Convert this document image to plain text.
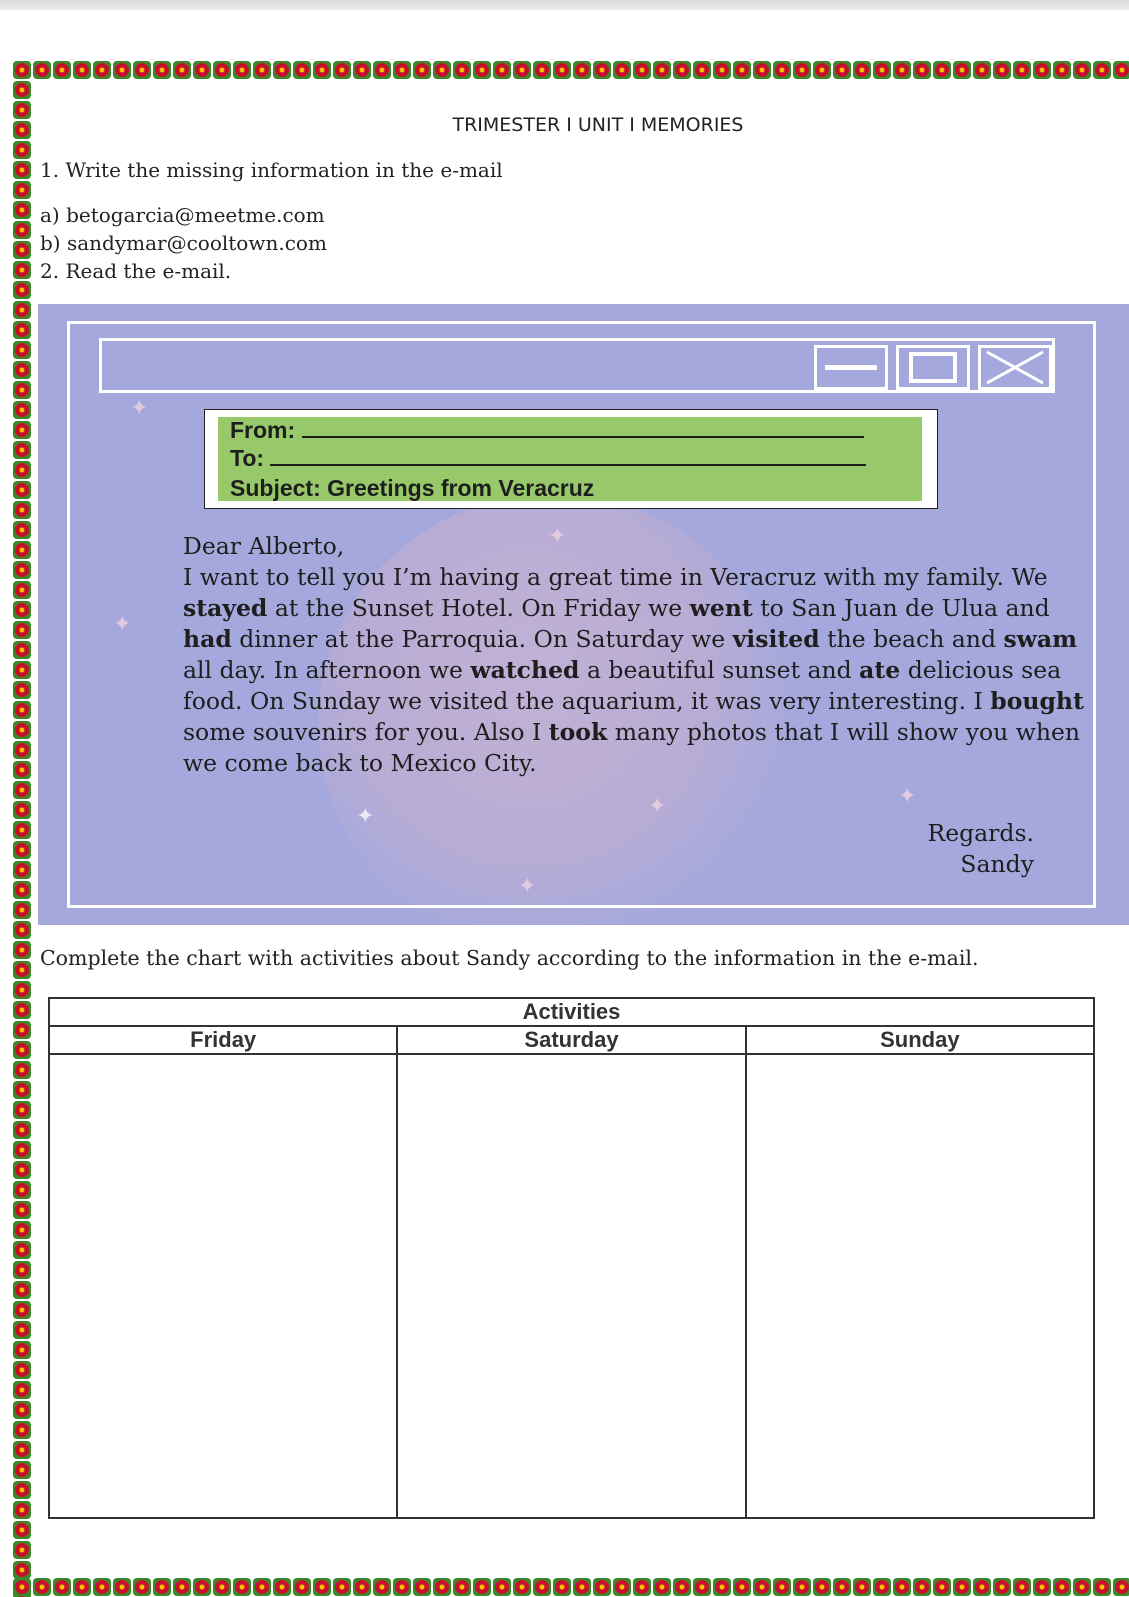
TRIMESTER I UNIT I MEMORIES
1. Write the missing information in the e-mail
a) betogarcia@meetme.com
b) sandymar@cooltown.com
2. Read the e-mail.
✦
✦
✦	✦
✦
✦
✦
From:
To:
Subject: Greetings from Veracruz
Dear Alberto,
I want to tell you I’m having a great time in Veracruz with my family. We
stayed at the Sunset Hotel. On Friday we went to San Juan de Ulua and
had dinner at the Parroquia. On Saturday we visited the beach and swam
all day. In afternoon we watched a beautiful sunset and ate delicious sea
food. On Sunday we visited the aquarium, it was very interesting. I bought
some souvenirs for you. Also I took many photos that I will show you when
we come back to Mexico City.
Regards.
Sandy
Complete the chart with activities about Sandy according to the information in the e-mail.
Activities		
Friday	Saturday	Sunday
